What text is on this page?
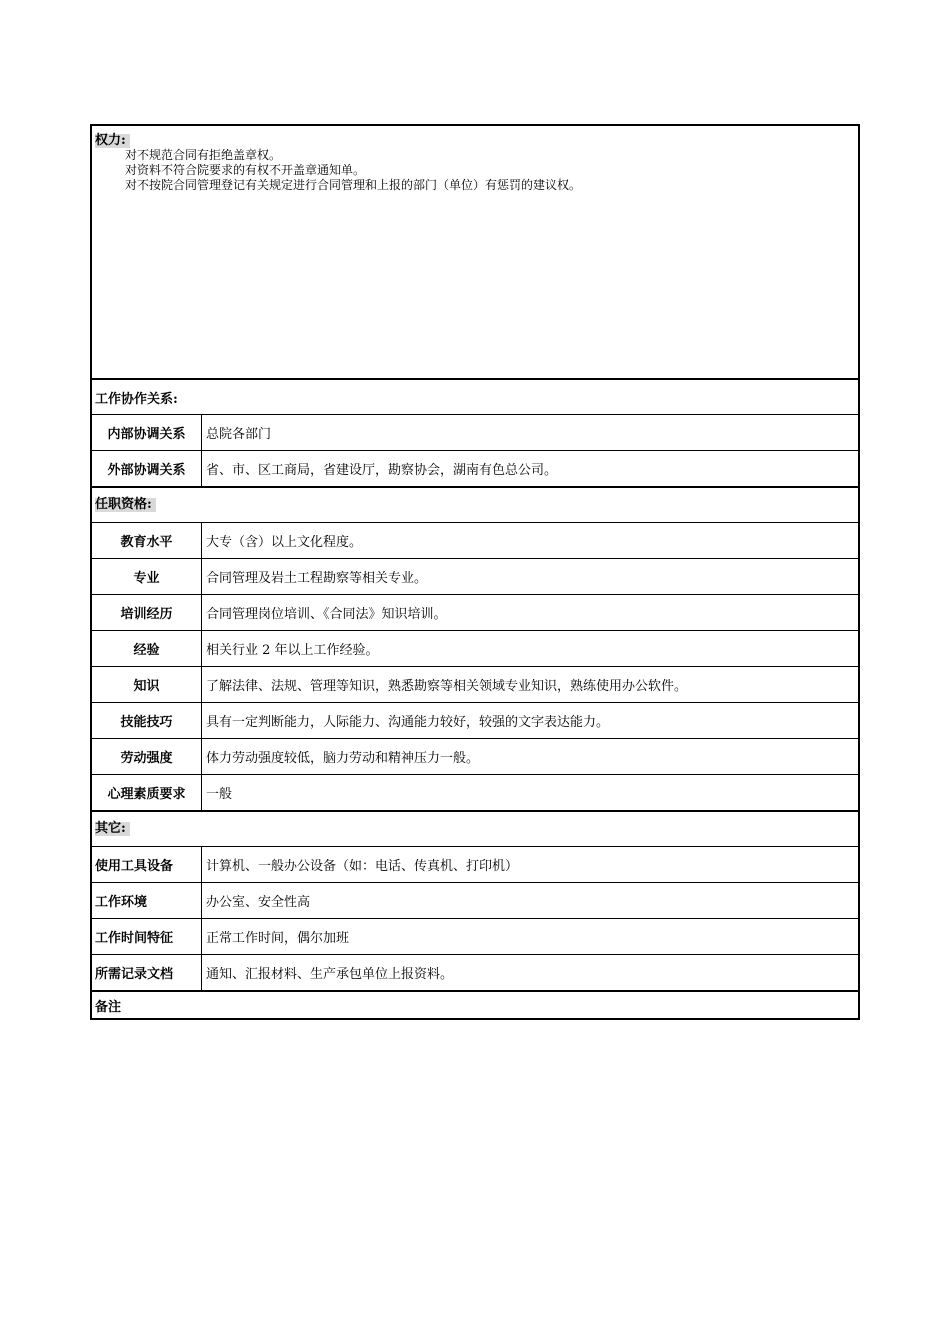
权力:
对不规范合同有拒绝盖章权。
对资料不符合院要求的有权不开盖章通知单。
对不按院合同管理登记有关规定进行合同管理和上报的部门（单位）有惩罚的建议权。
工作协作关系:
内部协调关系	总院各部门
外部协调关系	省、市、区工商局，省建设厅，勘察协会，湖南有色总公司。
任职资格:
教育水平	大专（含）以上文化程度。
专业	合同管理及岩土工程勘察等相关专业。
培训经历	合同管理岗位培训、《合同法》知识培训。
经验	相关行业 2 年以上工作经验。
知识	了解法律、法规、管理等知识，熟悉勘察等相关领域专业知识，熟练使用办公软件。
技能技巧	具有一定判断能力，人际能力、沟通能力较好，较强的文字表达能力。
劳动强度	体力劳动强度较低，脑力劳动和精神压力一般。
心理素质要求	一般
其它:
使用工具设备	计算机、一般办公设备（如：电话、传真机、打印机）
工作环境	办公室、安全性高
工作时间特征	正常工作时间，偶尔加班
所需记录文档	通知、汇报材料、生产承包单位上报资料。
备注
